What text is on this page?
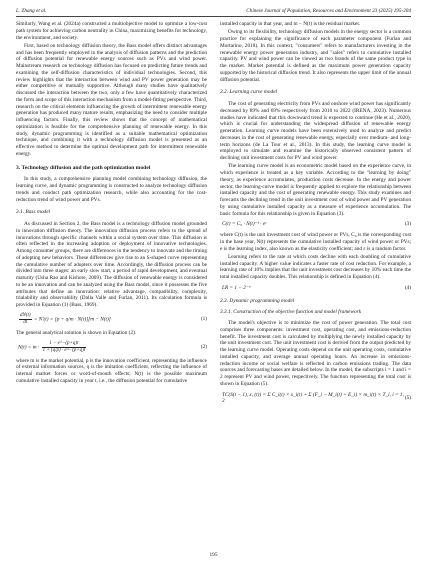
L. Zhang et al.	Chinese Journal of Population, Resources and Environment 23 (2025) 195-204

Similarly, Wang et al. (2024a) constructed a multiobjective model to optimize a low-cost path system for achieving carbon neutrality in China, maximizing benefits for technology, the environment, and society.

First, based on technology diffusion theory, the Bass model offers distinct advantages and has been frequently employed in the analysis of diffusion patterns and the prediction of diffusion potential for renewable energy sources such as PVs and wind power. Mainstream research on technology diffusion has focused on predicting future trends and examining the self-diffusion characteristics of individual technologies. Second, this review highlights that the interaction between wind and PV power generation may be either competitive or mutually supportive. Although many studies have qualitatively discussed the interaction between the two, only a few have quantitatively characterized the form and scope of this interaction mechanism from a model-fitting perspective. Third, research on the critical elements influencing the growth of intermittent renewable energy generation has produced many mature results, emphasizing the need to consider multiple influencing factors. Finally, this review shows that the concept of mathematical optimization is feasible for the comprehensive planning of renewable energy. In this study, dynamic programming is identified as a suitable mathematical optimization technique, and combining it with a technology diffusion model is presented as an effective method to determine the optimal development path for intermittent renewable energy.

3. Technology diffusion and the path optimization model

In this study, a comprehensive planning model combining technology diffusion, the learning curve, and dynamic programming is constructed to analyze technology diffusion trends and conduct path optimization research, while also accounting for the cost-reduction trend of wind power and PVs.

3.1. Bass model

As discussed in Section 2, the Bass model is a technology diffusion model grounded in innovation diffusion theory. The innovation diffusion process refers to the spread of innovations through specific channels within a social system over time. This diffusion is often reflected in the increasing adoption or deployment of innovative technologies. Among consumer groups, there are differences in the tendency to innovate and the timing of adopting new behaviors. These differences give rise to an S-shaped curve representing the cumulative number of adopters over time. Accordingly, the diffusion process can be divided into three stages: an early slow start, a period of rapid development, and eventual maturity (Usha Rao and Kishore, 2009). The diffusion of renewable energy is considered to be an innovation and can be analyzed using the Bass model, since it possesses the five attributes that define an innovation: relative advantage, compatibility, complexity, trialability and observability (Dalla Valle and Furlan, 2011). Its calculation formula is provided in Equation (1) (Bass, 1969).

$\frac{dN(t)}{dt} = N'(t) = [p + q/m \cdot N(t)][m - N(t)]$	(1)

The general analytical solution is shown in Equation (2).

$N(t) = m \cdot \frac{1 - e\^{}-(p+q)t}{1 + (q/p) \cdot e\^{}-(p+q)t}$	(2)

where m is the market potential, p is the innovation coefficient, representing the influence of external information sources, q is the imitation coefficient, reflecting the influence of internal market forces or word-of-mouth effects; N(t) is the possible maximum cumulative installed capacity in year t, i.e., the diffusion potential for cumulative

installed capacity in that year, and m − N(t) is the residual market.

Owing to its flexibility, technology diffusion models in the energy sector is a common practice for explaining the significance of each parameter component (Furlan and Mortarino, 2018). In this context, "consumers" refers to manufacturers investing in the renewable energy power generation industry, and "sales" refers to cumulative installed capacity. PV and wind power can be viewed as two brands of the same product type in the market. Market potential is defined as the maximum power generation capacity supported by the historical diffusion trend. It also represents the upper limit of the annual diffusion potential.

3.2. Learning curve model

The cost of generating electricity from PVs and onshore wind power has significantly decreased by 89% and 69% respectively from 2010 to 2022 (IRENA, 2023). Numerous studies have indicated that this downward trend is expected to continue (He et al., 2020), which is crucial for understanding the widespread diffusion of renewable energy generation. Learning curve models have been extensively used to analyze and predict decreases in the cost of generating renewable energy, especially over medium- and long-term horizons (de La Tour et al., 2013). In this study, the learning curve model is employed to simulate and examine the historically observed consistent pattern of declining unit investment costs for PV and wind power.

The learning curve model is an econometric model based on the experience curve, in which experience is treated as a key variable. According to the "learning by doing" theory, as experience accumulates, production costs decrease. In the energy and power sector, the learning-curve model is frequently applied to explore the relationship between installed capacity and the cost of generating renewable energy. This study examines and forecasts the declining trend in the unit investment cost of wind power and PV generation by using cumulative installed capacity as a measure of experience accumulation. The basic formula for this relationship is given in Equation (3).

C(t) = C₀ · N(t)⁻ᵇ · eᵉ	(3)

where C(t) is the unit investment cost of wind power or PVs, C₀ is the corresponding cost in the base year, N(t) represents the cumulative installed capacity of wind power or PVs; e is the learning index, also known as the elasticity coefficient; and ε is a random factor.

Learning refers to the rate at which costs decline with each doubling of cumulative installed capacity. A higher value indicates a faster rate of cost reduction. For example, a learning rate of 10% implies that the unit investment cost decreases by 10% each time the total installed capacity doubles. This relationship is defined in Equation (4).

LR = 1 − 2⁻ᵇ	(4)
3.3. Dynamic programming model
3.3.1. Construction of the objective function and model framework

The model's objective is to minimize the cost of power generation. The total cost comprises three components: investment cost, operating cost, and emissions-reduction benefit. The investment cost is calculated by multiplying the newly installed capacity by the unit investment cost. The unit investment cost is derived from the output predicted by the learning curve model. Operating costs depend on the unit operating costs, cumulative installed capacity, and average annual operating hours. An increase in emissions-reduction income or social welfare is reflected in carbon emissions trading. The data sources and forecasting bases are detailed below. In the model, the subscripts i = 1 and i = 2 represent PV and wind power, respectively. The function representing the total cost is shown in Equation (5).

TC(S(t − 1), x, (t)) = Σ C_i(t) × x_i(t) + Σ (F_i − M_i(t) + E_i) × m_i(t) × T_i, i = 1, 2
(5)
195
